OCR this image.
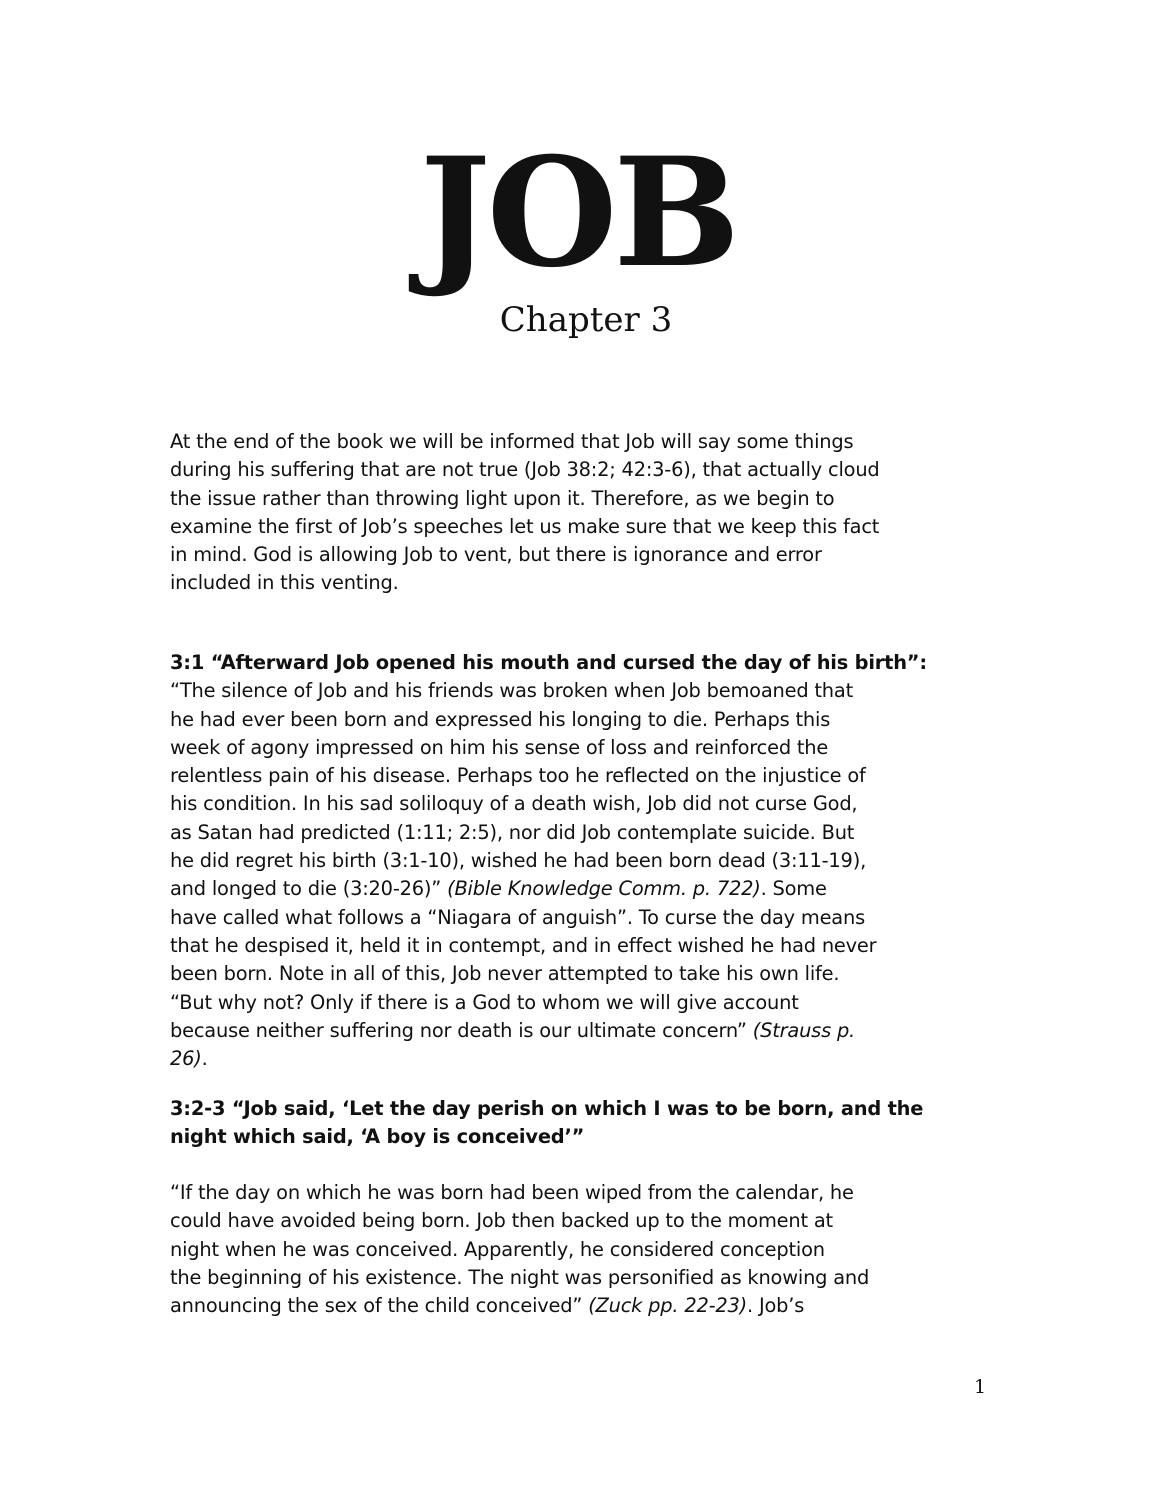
JOB
Chapter 3
At the end of the book we will be informed that Job will say some things
during his suffering that are not true (Job 38:2; 42:3-6), that actually cloud
the issue rather than throwing light upon it. Therefore, as we begin to
examine the first of Job’s speeches let us make sure that we keep this fact
in mind. God is allowing Job to vent, but there is ignorance and error
included in this venting.
3:1 “Afterward Job opened his mouth and cursed the day of his birth”:
“The silence of Job and his friends was broken when Job bemoaned that
he had ever been born and expressed his longing to die. Perhaps this
week of agony impressed on him his sense of loss and reinforced the
relentless pain of his disease. Perhaps too he reflected on the injustice of
his condition. In his sad soliloquy of a death wish, Job did not curse God,
as Satan had predicted (1:11; 2:5), nor did Job contemplate suicide. But
he did regret his birth (3:1-10), wished he had been born dead (3:11-19),
and longed to die (3:20-26)” (Bible Knowledge Comm. p. 722). Some
have called what follows a “Niagara of anguish”. To curse the day means
that he despised it, held it in contempt, and in effect wished he had never
been born. Note in all of this, Job never attempted to take his own life.
“But why not? Only if there is a God to whom we will give account
because neither suffering nor death is our ultimate concern” (Strauss p.
26).
3:2-3 “Job said, ‘Let the day perish on which I was to be born, and the
night which said, ‘A boy is conceived’”
“If the day on which he was born had been wiped from the calendar, he
could have avoided being born. Job then backed up to the moment at
night when he was conceived. Apparently, he considered conception
the beginning of his existence. The night was personified as knowing and
announcing the sex of the child conceived” (Zuck pp. 22-23). Job’s
1
